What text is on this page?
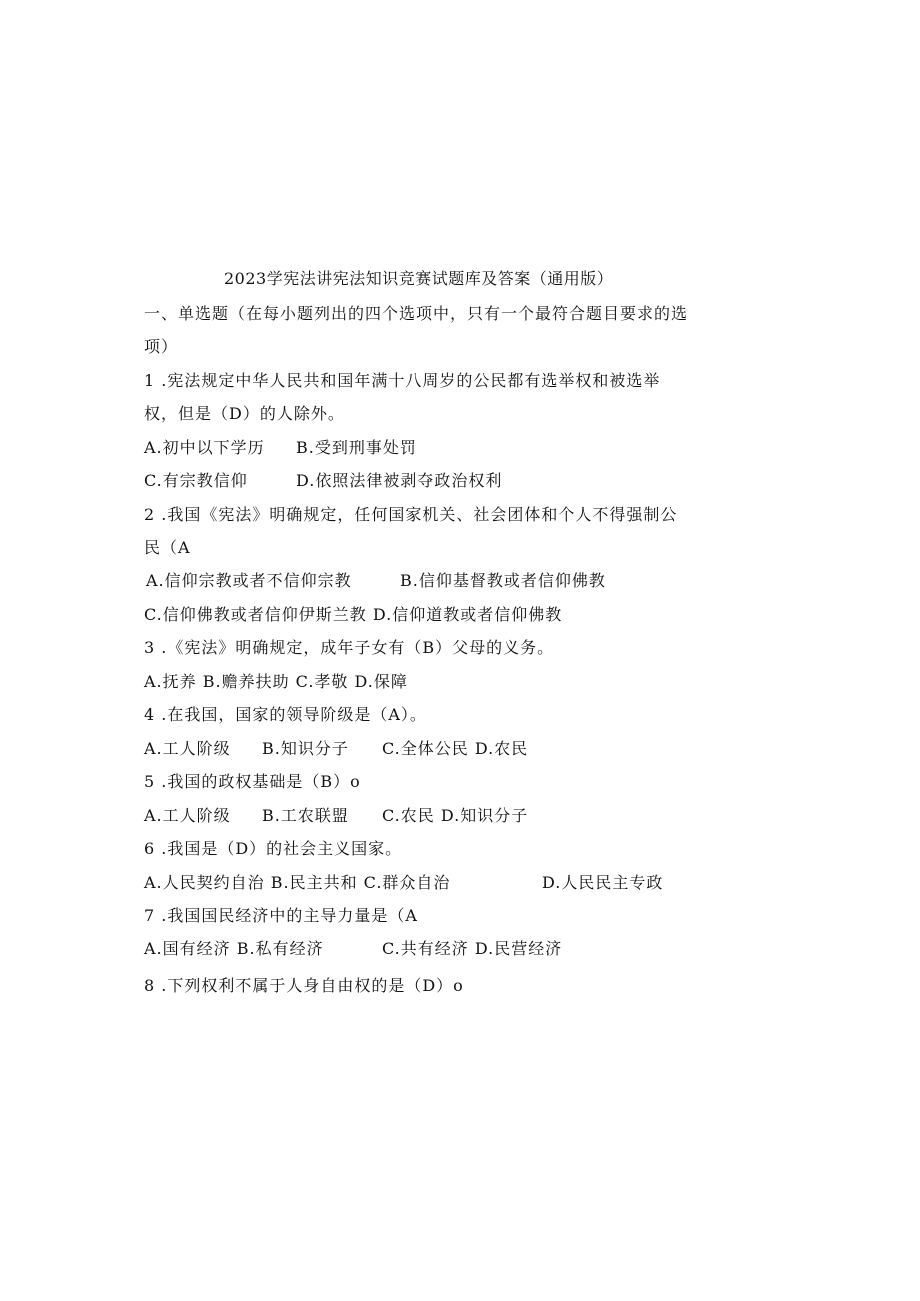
2023学宪法讲宪法知识竞赛试题库及答案（通用版）
一、单选题（在每小题列出的四个选项中，只有一个最符合题目要求的选
项）
1 .宪法规定中华人民共和国年满十八周岁的公民都有选举权和被选举
权，但是（D）的人除外。
A.初中以下学历 B.受到刑事处罚
C.有宗教信仰	D.依照法律被剥夺政治权利
2 .我国《宪法》明确规定，任何国家机关、社会团体和个人不得强制公
民（A
A.信仰宗教或者不信仰宗教	B.信仰基督教或者信仰佛教
C.信仰佛教或者信仰伊斯兰教 D.信仰道教或者信仰佛教
3 .《宪法》明确规定，成年子女有（B）父母的义务。
A.抚养 B.赡养扶助 C.孝敬 D.保障
4 .在我国，国家的领导阶级是（A）。
A.工人阶级 B.知识分子 C.全体公民 D.农民
5 .我国的政权基础是（B）o
A.工人阶级 B.工农联盟 C.农民 D.知识分子
6 .我国是（D）的社会主义国家。
A.人民契约自治 B.民主共和 C.群众自治	D.人民民主专政
7 .我国国民经济中的主导力量是（A
A.国有经济 B.私有经济	C.共有经济 D.民营经济
8 .下列权利不属于人身自由权的是（D）o
